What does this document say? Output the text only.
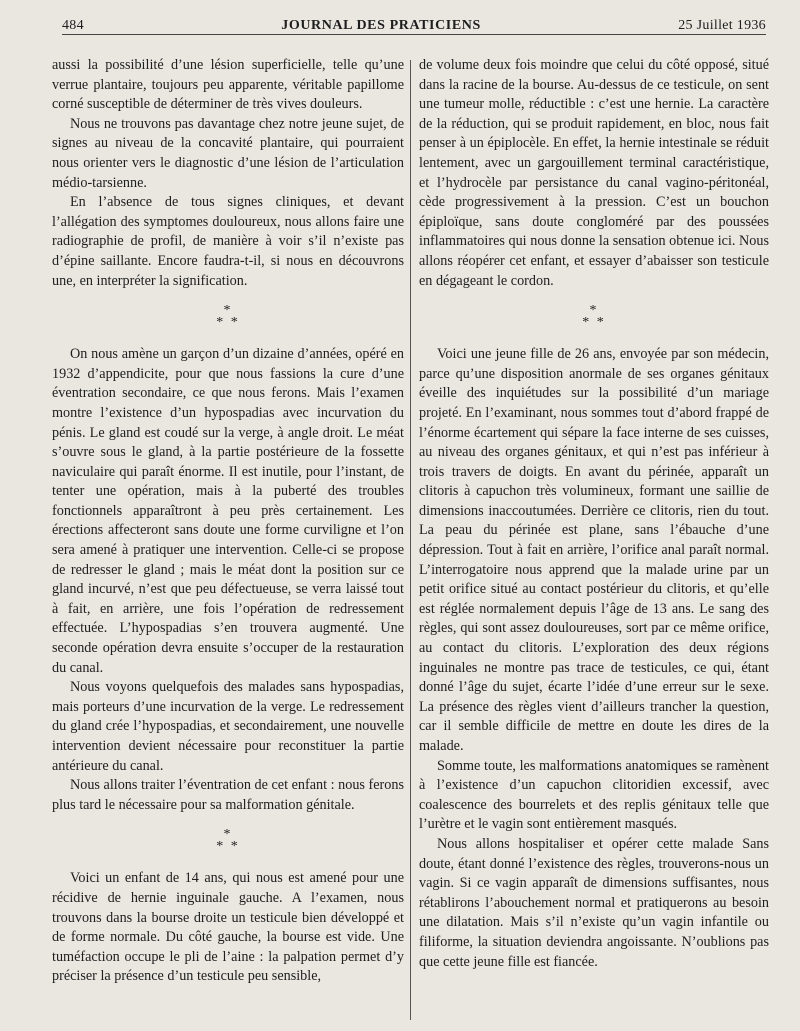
484	JOURNAL DES PRATICIENS	25 Juillet 1936

aussi la possibilité d’une lésion superficielle, telle qu’une verrue plantaire, toujours peu apparente, véritable papillome corné susceptible de déterminer de très vives douleurs.

Nous ne trouvons pas davantage chez notre jeune sujet, de signes au niveau de la concavité plantaire, qui pourraient nous orienter vers le diagnostic d’une lésion de l’articulation médio-tarsienne.

En l’absence de tous signes cliniques, et devant l’allégation des symptomes douloureux, nous allons faire une radiographie de profil, de manière à voir s’il n’existe pas d’épine saillante. Encore faudra-t-il, si nous en découvrons une, en interpréter la signification.

*
* *

On nous amène un garçon d’un dizaine d’années, opéré en 1932 d’appendicite, pour que nous fassions la cure d’une éventration secondaire, ce que nous ferons. Mais l’examen montre l’existence d’un hypospadias avec incurvation du pénis. Le gland est coudé sur la verge, à angle droit. Le méat s’ouvre sous le gland, à la partie postérieure de la fossette naviculaire qui paraît énorme. Il est inutile, pour l’instant, de tenter une opération, mais à la puberté des troubles fonctionnels apparaîtront à peu près certainement. Les érections affecteront sans doute une forme curviligne et l’on sera amené à pratiquer une intervention. Celle-ci se propose de redresser le gland ; mais le méat dont la position sur ce gland incurvé, n’est que peu défectueuse, se verra laissé tout à fait, en arrière, une fois l’opération de redressement effectuée. L’hypospadias s’en trouvera augmenté. Une seconde opération devra ensuite s’occuper de la restauration du canal.

Nous voyons quelquefois des malades sans hypospadias, mais porteurs d’une incurvation de la verge. Le redressement du gland crée l’hypospadias, et secondairement, une nouvelle intervention devient nécessaire pour reconstituer la partie antérieure du canal.

Nous allons traiter l’éventration de cet enfant : nous ferons plus tard le nécessaire pour sa malformation génitale.

*
* *

Voici un enfant de 14 ans, qui nous est amené pour une récidive de hernie inguinale gauche. A l’examen, nous trouvons dans la bourse droite un testicule bien développé et de forme normale. Du côté gauche, la bourse est vide. Une tuméfaction occupe le pli de l’aine : la palpation permet d’y préciser la présence d’un testicule peu sensible,

de volume deux fois moindre que celui du côté opposé, situé dans la racine de la bourse. Au-dessus de ce testicule, on sent une tumeur molle, réductible : c’est une hernie. La caractère de la réduction, qui se produit rapidement, en bloc, nous fait penser à un épiplocèle. En effet, la hernie intestinale se réduit lentement, avec un gargouillement terminal caractéristique, et l’hydrocèle par persistance du canal vagino-péritonéal, cède progressivement à la pression. C’est un bouchon épiploïque, sans doute congloméré par des poussées inflammatoires qui nous donne la sensation obtenue ici. Nous allons réopérer cet enfant, et essayer d’abaisser son testicule en dégageant le cordon.

*
* *

Voici une jeune fille de 26 ans, envoyée par son médecin, parce qu’une disposition anormale de ses organes génitaux éveille des inquiétudes sur la possibilité d’un mariage projeté. En l’examinant, nous sommes tout d’abord frappé de l’énorme écartement qui sépare la face interne de ses cuisses, au niveau des organes génitaux, et qui n’est pas inférieur à trois travers de doigts. En avant du périnée, apparaît un clitoris à capuchon très volumineux, formant une saillie de dimensions inaccoutumées. Derrière ce clitoris, rien du tout. La peau du périnée est plane, sans l’ébauche d’une dépression. Tout à fait en arrière, l’orifice anal paraît normal. L’interrogatoire nous apprend que la malade urine par un petit orifice situé au contact postérieur du clitoris, et qu’elle est réglée normalement depuis l’âge de 13 ans. Le sang des règles, qui sont assez douloureuses, sort par ce même orifice, au contact du clitoris. L’exploration des deux régions inguinales ne montre pas trace de testicules, ce qui, étant donné l’âge du sujet, écarte l’idée d’une erreur sur le sexe. La présence des règles vient d’ailleurs trancher la question, car il semble difficile de mettre en doute les dires de la malade.

Somme toute, les malformations anatomiques se ramènent à l’existence d’un capuchon clitoridien excessif, avec coalescence des bourrelets et des replis génitaux telle que l’urètre et le vagin sont entièrement masqués.

Nous allons hospitaliser et opérer cette malade Sans doute, étant donné l’existence des règles, trouverons-nous un vagin. Si ce vagin apparaît de dimensions suffisantes, nous rétablirons l’abouchement normal et pratiquerons au besoin une dilatation. Mais s’il n’existe qu’un vagin infantile ou filiforme, la situation deviendra angoissante. N’oublions pas que cette jeune fille est fiancée.
